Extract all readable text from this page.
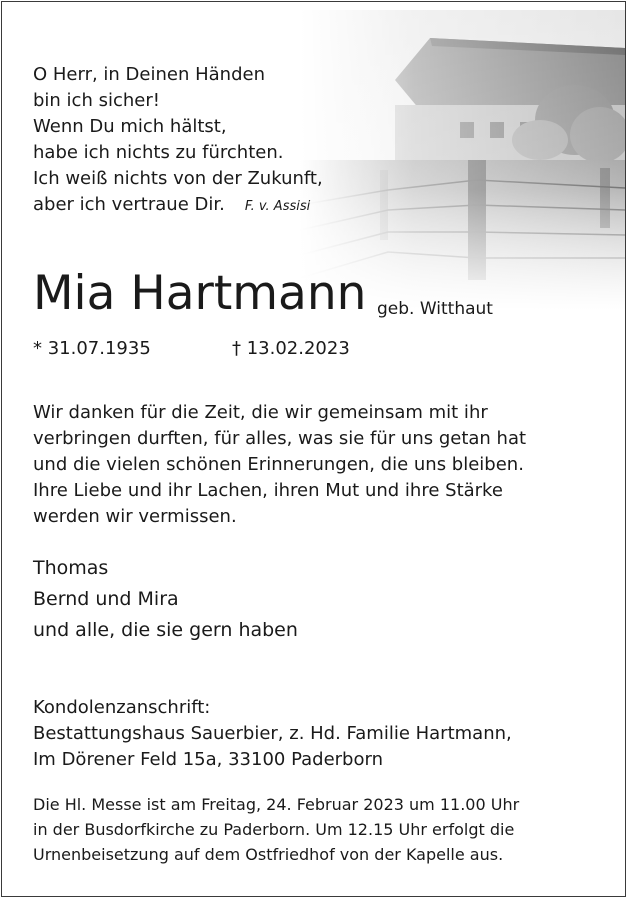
O Herr, in Deinen Händen
bin ich sicher!
Wenn Du mich hältst,
habe ich nichts zu fürchten.
Ich weiß nichts von der Zukunft,
aber ich vertraue Dir. F. v. Assisi
Mia Hartmann geb. Witthaut
* 31.07.1935	† 13.02.2023
Wir danken für die Zeit, die wir gemeinsam mit ihr
verbringen durften, für alles, was sie für uns getan hat
und die vielen schönen Erinnerungen, die uns bleiben.
Ihre Liebe und ihr Lachen, ihren Mut und ihre Stärke
werden wir vermissen.
Thomas
Bernd und Mira
und alle, die sie gern haben
Kondolenzanschrift:
Bestattungshaus Sauerbier, z. Hd. Familie Hartmann,
Im Dörener Feld 15a, 33100 Paderborn
Die Hl. Messe ist am Freitag, 24. Februar 2023 um 11.00 Uhr
in der Busdorfkirche zu Paderborn. Um 12.15 Uhr erfolgt die
Urnenbeisetzung auf dem Ostfriedhof von der Kapelle aus.
